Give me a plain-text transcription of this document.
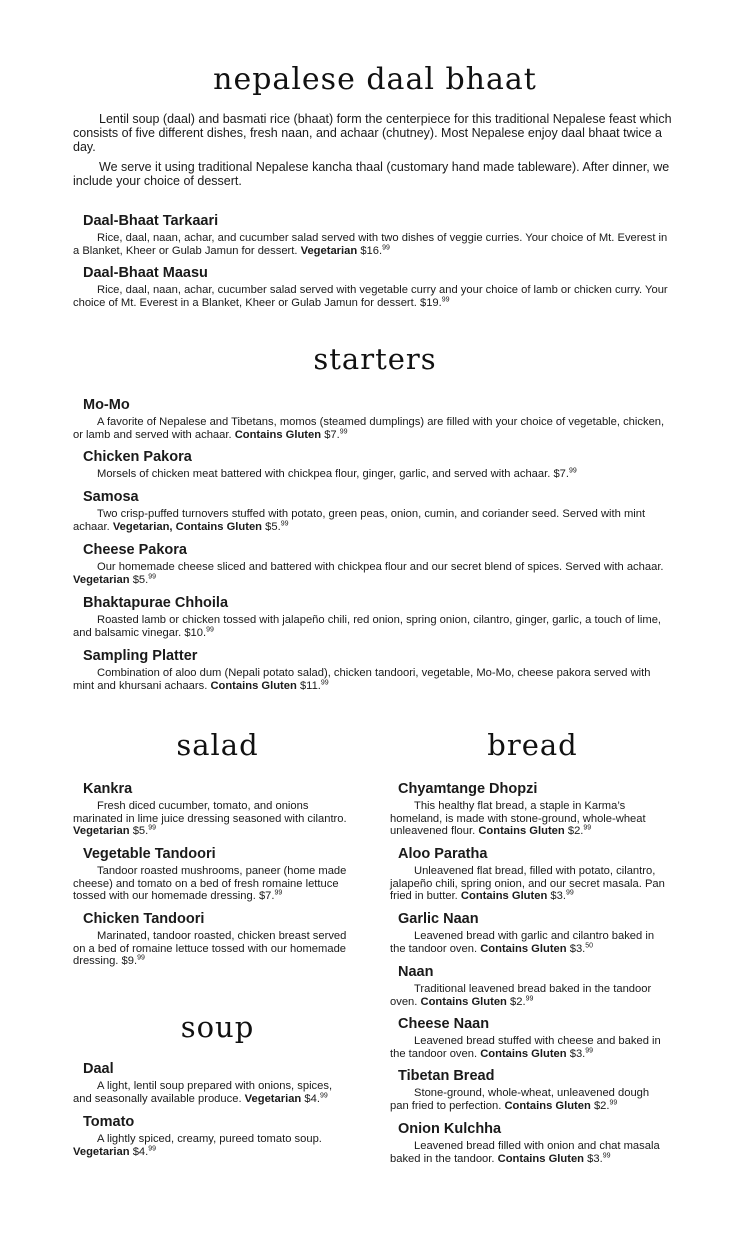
nepalese daal bhaat

Lentil soup (daal) and basmati rice (bhaat) form the centerpiece for this traditional Nepalese feast which consists of five different dishes, fresh naan, and achaar (chutney). Most Nepalese enjoy daal bhaat twice a day.

We serve it using traditional Nepalese kancha thaal (customary hand made tableware). After dinner, we include your choice of dessert.

Daal-Bhaat Tarkaari

Rice, daal, naan, achar, and cucumber salad served with two dishes of veggie curries. Your choice of Mt. Everest in a Blanket, Kheer or Gulab Jamun for dessert. Vegetarian $16.99

Daal-Bhaat Maasu

Rice, daal, naan, achar, cucumber salad served with vegetable curry and your choice of lamb or chicken curry. Your choice of Mt. Everest in a Blanket, Kheer or Gulab Jamun for dessert. $19.99

starters
Mo-Mo

A favorite of Nepalese and Tibetans, momos (steamed dumplings) are filled with your choice of vegetable, chicken, or lamb and served with achaar. Contains Gluten $7.99

Chicken Pakora

Morsels of chicken meat battered with chickpea flour, ginger, garlic, and served with achaar. $7.99

Samosa

Two crisp-puffed turnovers stuffed with potato, green peas, onion, cumin, and coriander seed. Served with mint achaar. Vegetarian, Contains Gluten $5.99

Cheese Pakora

Our homemade cheese sliced and battered with chickpea flour and our secret blend of spices. Served with achaar. Vegetarian $5.99

Bhaktapurae Chhoila

Roasted lamb or chicken tossed with jalapeño chili, red onion, spring onion, cilantro, ginger, garlic, a touch of lime, and balsamic vinegar. $10.99

Sampling Platter

Combination of aloo dum (Nepali potato salad), chicken tandoori, vegetable, Mo-Mo, cheese pakora served with mint and khursani achaars. Contains Gluten $11.99

salad
Kankra

Fresh diced cucumber, tomato, and onions marinated in lime juice dressing seasoned with cilantro. Vegetarian $5.99

Vegetable Tandoori

Tandoor roasted mushrooms, paneer (home made cheese) and tomato on a bed of fresh romaine lettuce tossed with our homemade dressing. $7.99

Chicken Tandoori

Marinated, tandoor roasted, chicken breast served on a bed of romaine lettuce tossed with our homemade dressing. $9.99

soup
Daal

A light, lentil soup prepared with onions, spices, and seasonally available produce. Vegetarian $4.99

Tomato

A lightly spiced, creamy, pureed tomato soup. Vegetarian $4.99

bread
Chyamtange Dhopzi

This healthy flat bread, a staple in Karma’s homeland, is made with stone-ground, whole-wheat unleavened flour. Contains Gluten $2.99

Aloo Paratha

Unleavened flat bread, filled with potato, cilantro, jalapeño chili, spring onion, and our secret masala. Pan fried in butter. Contains Gluten $3.99

Garlic Naan

Leavened bread with garlic and cilantro baked in the tandoor oven. Contains Gluten $3.50

Naan

Traditional leavened bread baked in the tandoor oven. Contains Gluten $2.99

Cheese Naan

Leavened bread stuffed with cheese and baked in the tandoor oven. Contains Gluten $3.99

Tibetan Bread

Stone-ground, whole-wheat, unleavened dough pan fried to perfection. Contains Gluten $2.99

Onion Kulchha

Leavened bread filled with onion and chat masala baked in the tandoor. Contains Gluten $3.99
